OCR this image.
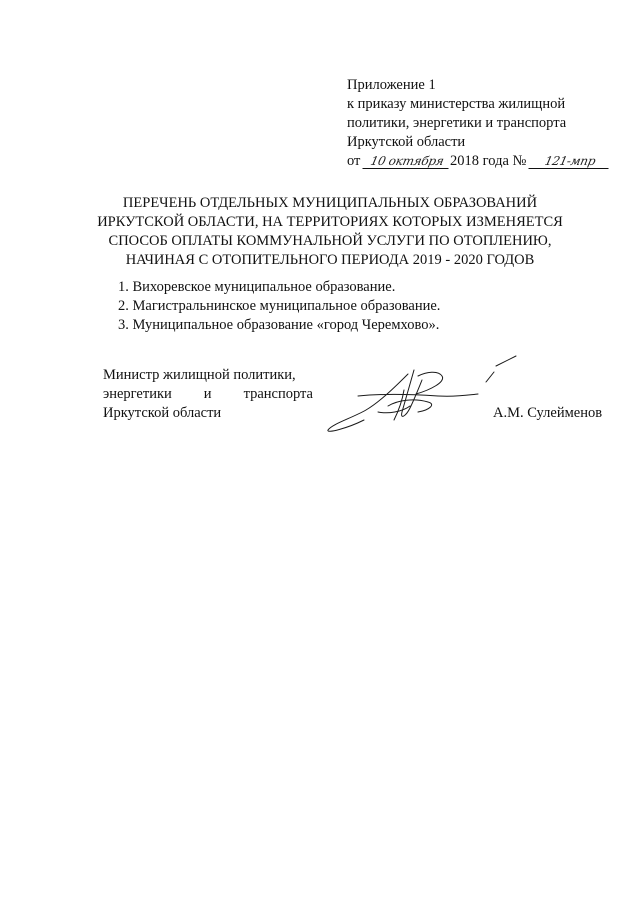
Приложение 1
к приказу министерства жилищной
политики, энергетики и транспорта
Иркутской области
от 10 октября 2018 года № 121-мпр
ПЕРЕЧЕНЬ ОТДЕЛЬНЫХ МУНИЦИПАЛЬНЫХ ОБРАЗОВАНИЙ
ИРКУТСКОЙ ОБЛАСТИ, НА ТЕРРИТОРИЯХ КОТОРЫХ ИЗМЕНЯЕТСЯ
СПОСОБ ОПЛАТЫ КОММУНАЛЬНОЙ УСЛУГИ ПО ОТОПЛЕНИЮ,
НАЧИНАЯ С ОТОПИТЕЛЬНОГО ПЕРИОДА 2019 - 2020 ГОДОВ
1. Вихоревское муниципальное образование.
2. Магистральнинское муниципальное образование.
3. Муниципальное образование «город Черемхово».
Министр жилищной политики,
энергетики и транспорта
Иркутской области	А.М. Сулейменов
